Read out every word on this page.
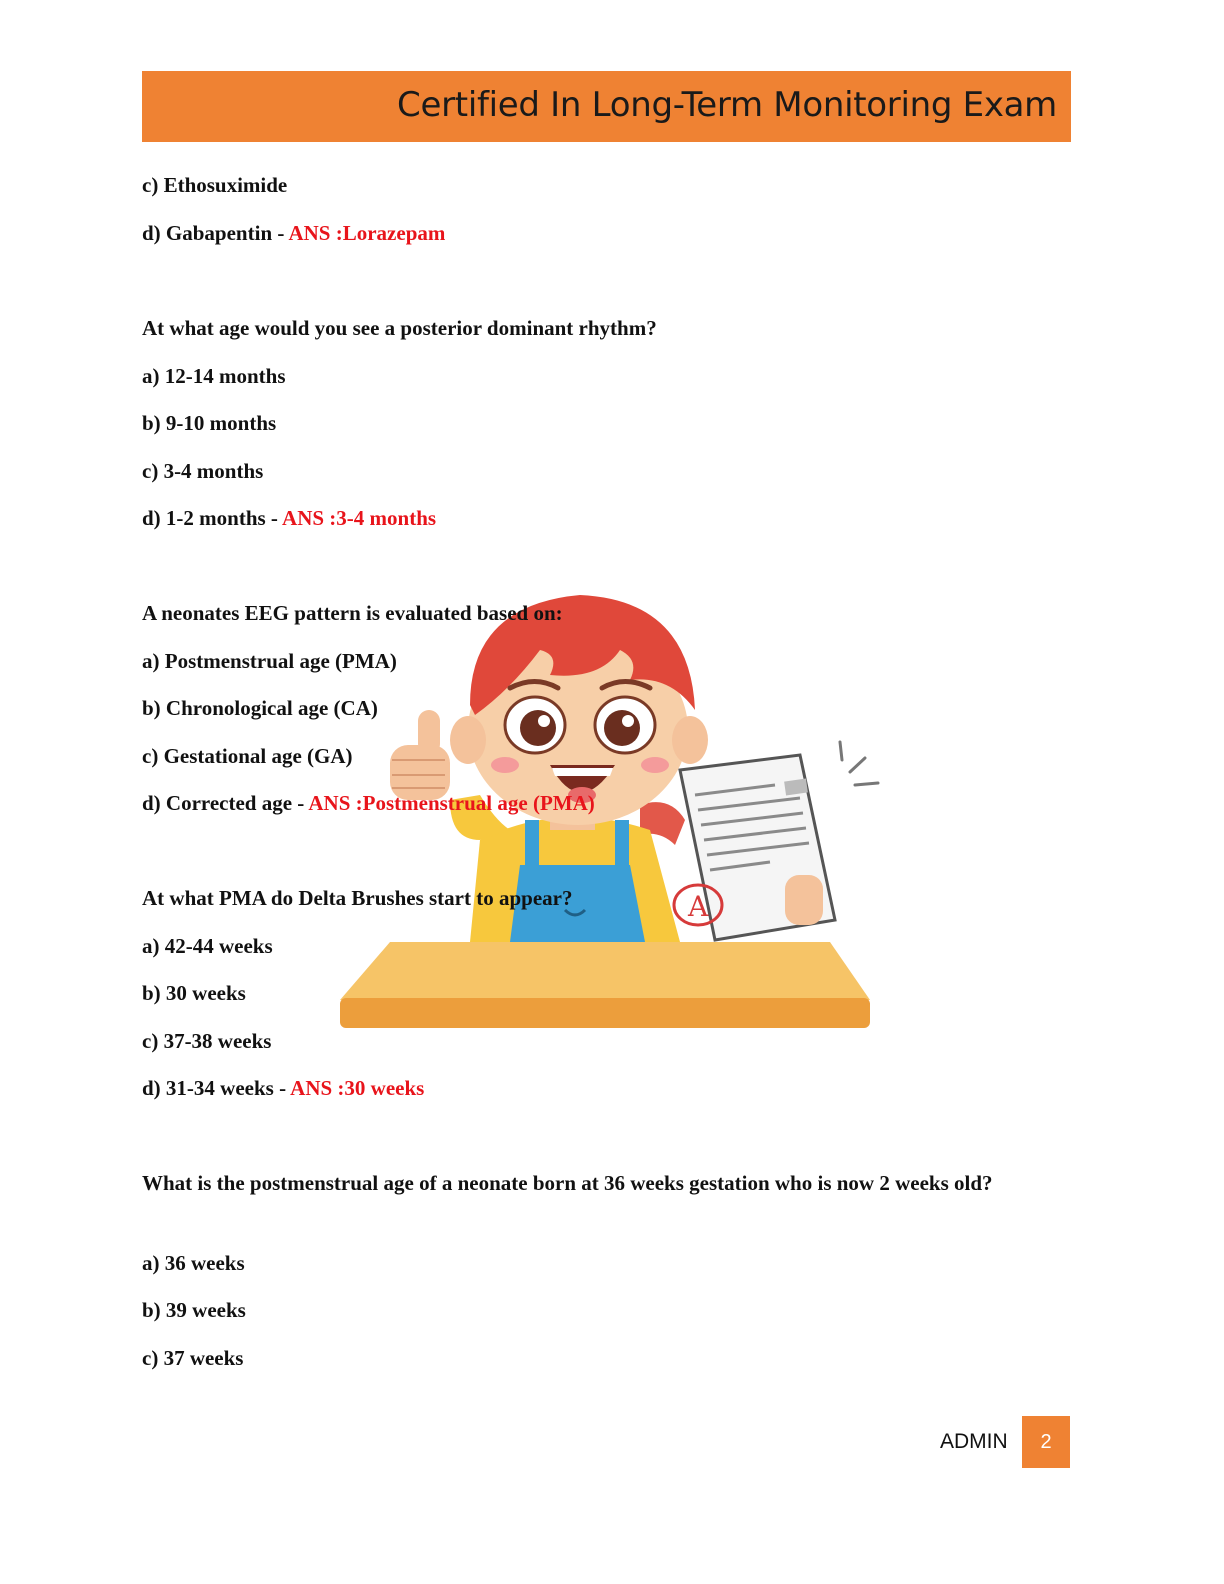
Certified In Long-Term Monitoring Exam
A
c) Ethosuximide
d) Gabapentin - ANS :Lorazepam
At what age would you see a posterior dominant rhythm?
a) 12-14 months
b) 9-10 months
c) 3-4 months
d) 1-2 months - ANS :3-4 months
A neonates EEG pattern is evaluated based on:
a) Postmenstrual age (PMA)
b) Chronological age (CA)
c) Gestational age (GA)
d) Corrected age - ANS :Postmenstrual age (PMA)
At what PMA do Delta Brushes start to appear?
a) 42-44 weeks
b) 30 weeks
c) 37-38 weeks
d) 31-34 weeks - ANS :30 weeks
What is the postmenstrual age of a neonate born at 36 weeks gestation who is now 2 weeks old?
a) 36 weeks
b) 39 weeks
c) 37 weeks
ADMIN	2
